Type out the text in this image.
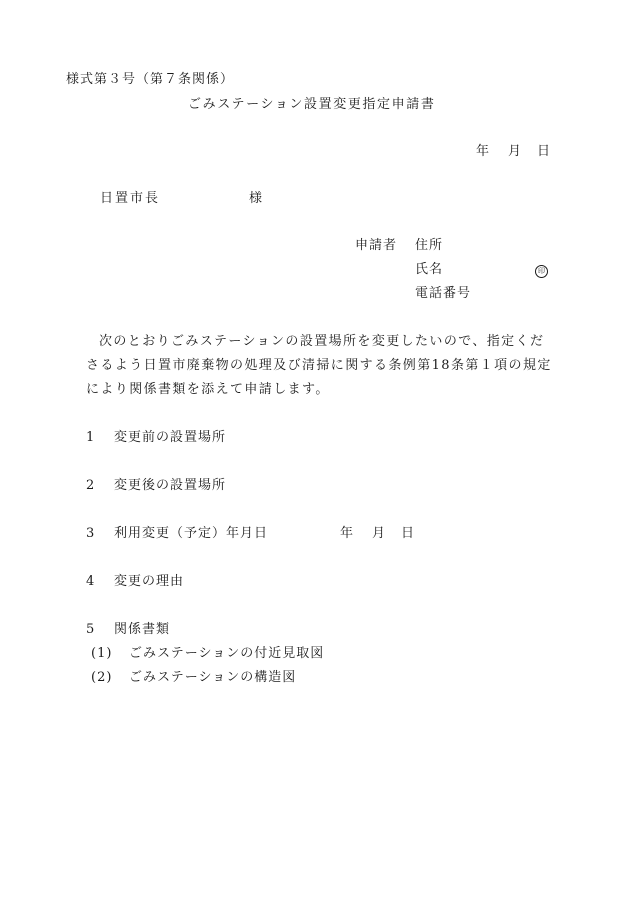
様式第３号（第７条関係）
ごみステーション設置変更指定申請書
年 月 日
日置市長	様
申請者 住所
氏名	印
電話番号
次のとおりごみステーションの設置場所を変更したいので、指定くだ
さるよう日置市廃棄物の処理及び清掃に関する条例第18条第１項の規定
により関係書類を添えて申請します。
1 変更前の設置場所
2 変更後の設置場所
3 利用変更（予定）年月日	年 月 日
4 変更の理由
5 関係書類
(1) ごみステーションの付近見取図
(2) ごみステーションの構造図
